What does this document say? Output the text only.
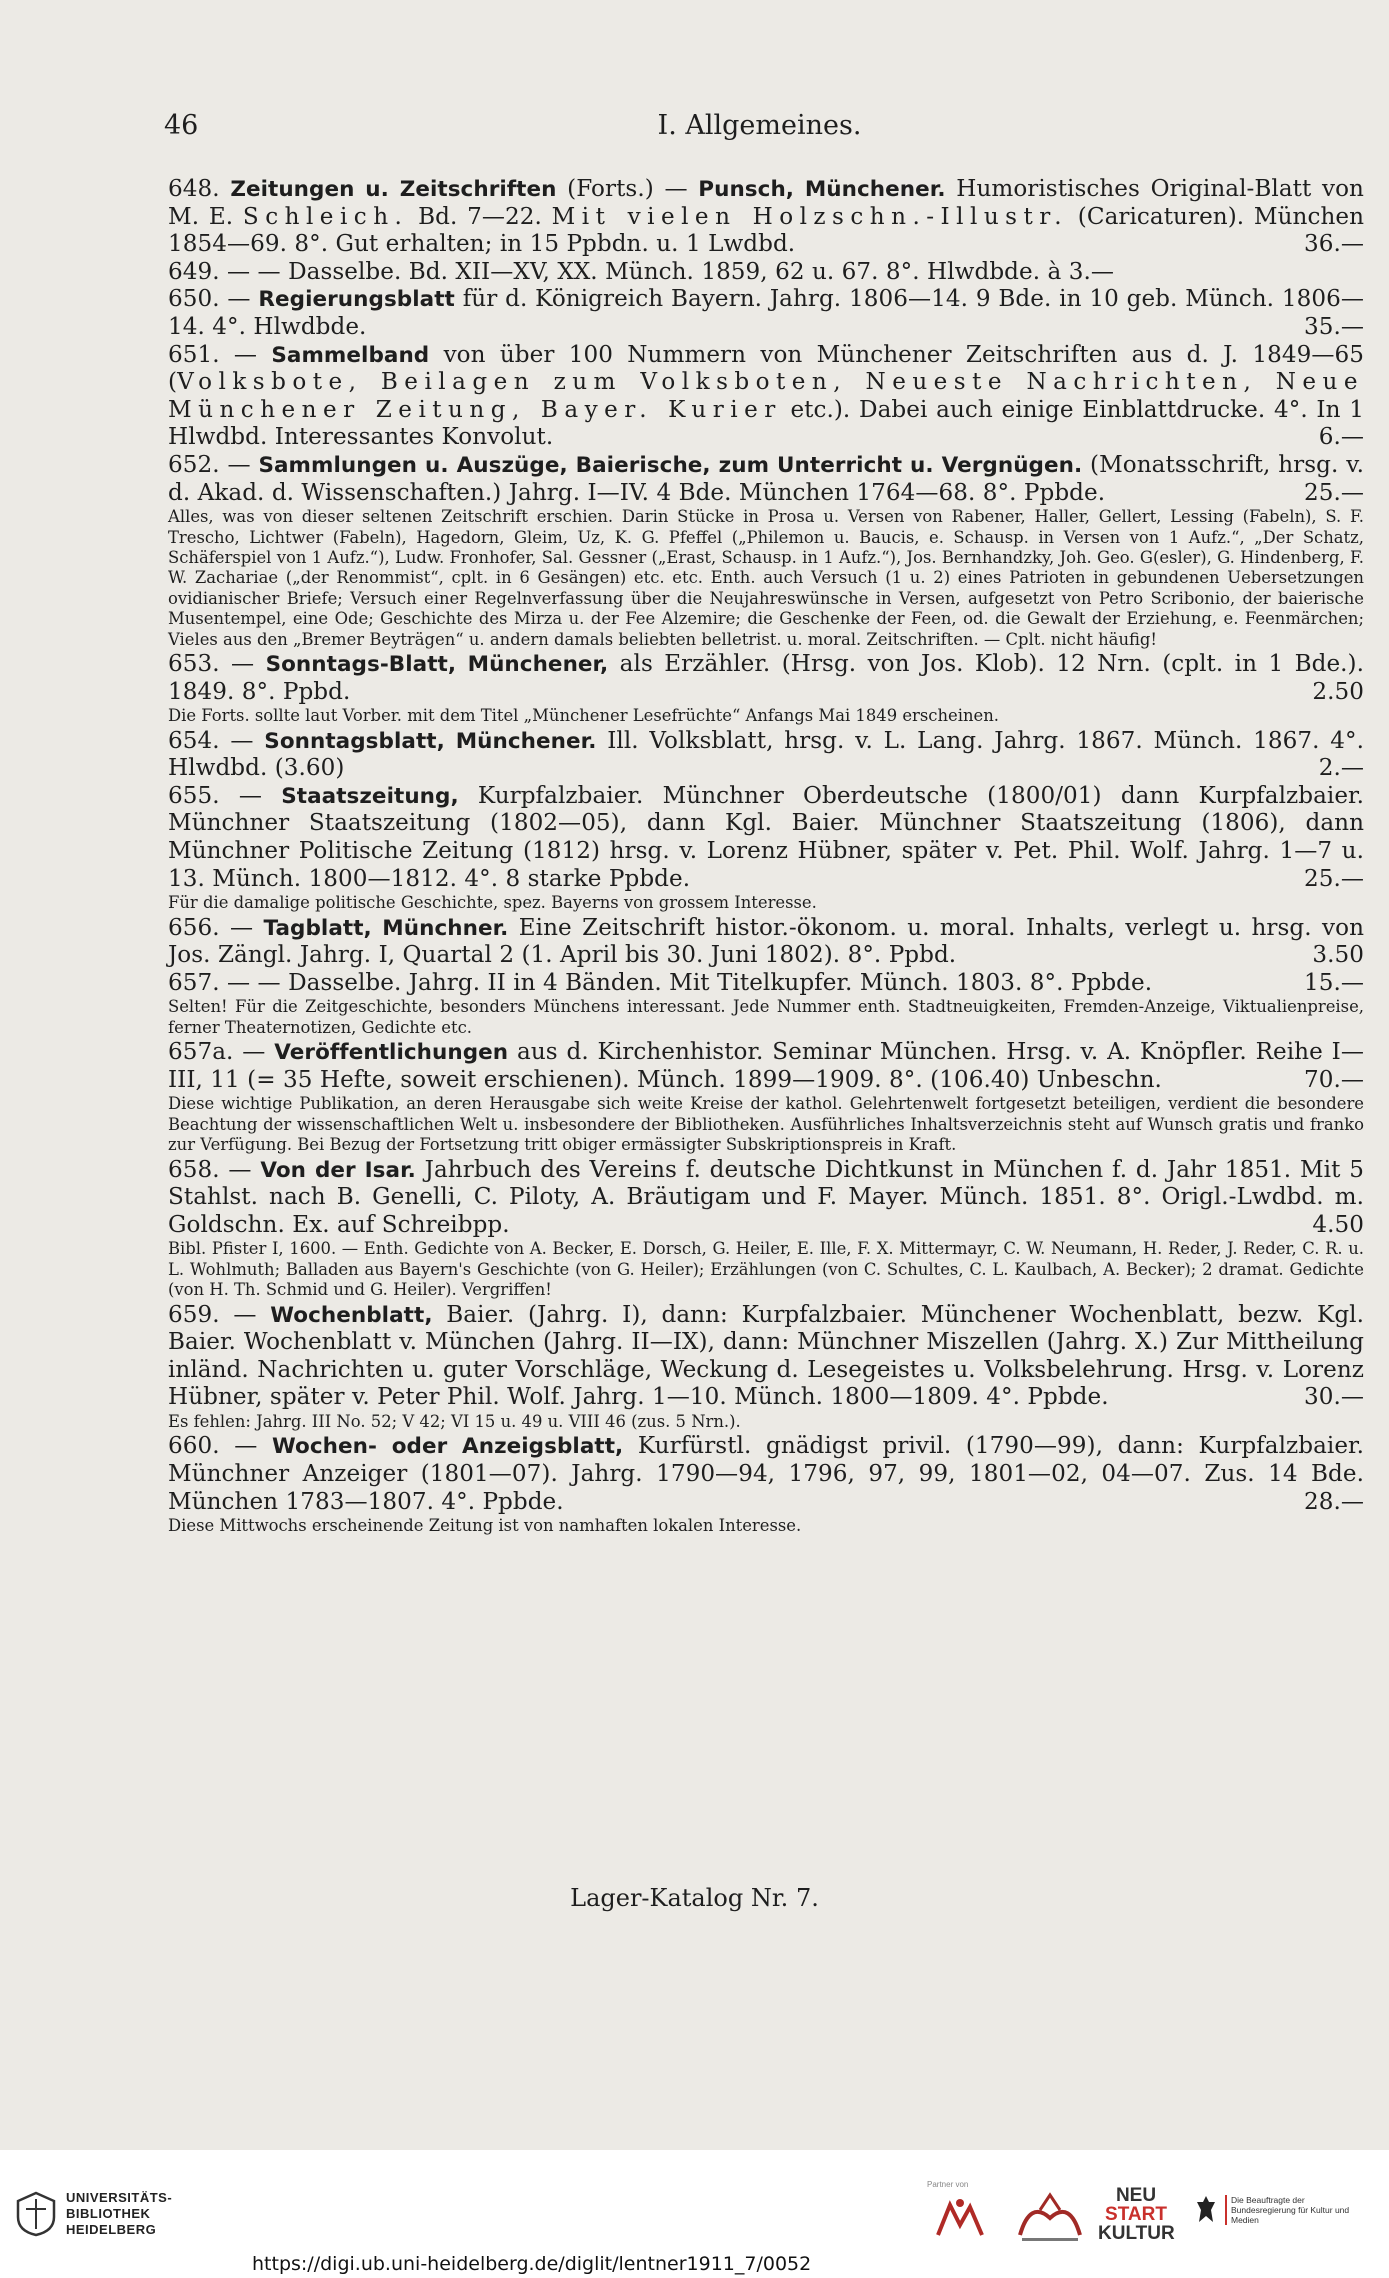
46	I. Allgemeines.
648. Zeitungen u. Zeitschriften (Forts.) — Punsch, Münchener. Humoristisches Original-Blatt von M. E. Schleich. Bd. 7—22. Mit vielen Holzschn.-Illustr. (Caricaturen). München 1854—69. 8°. Gut erhalten; in 15 Ppbdn. u. 1 Lwdbd.	36.—
649. — — Dasselbe. Bd. XII—XV, XX. Münch. 1859, 62 u. 67. 8°. Hlwdbde. à 3.—
650. — Regierungsblatt für d. Königreich Bayern. Jahrg. 1806—14. 9 Bde. in 10 geb. Münch. 1806—14. 4°. Hlwdbde.	35.—
651. — Sammelband von über 100 Nummern von Münchener Zeitschriften aus d. J. 1849—65 (Volksbote, Beilagen zum Volksboten, Neueste Nachrichten, Neue Münchener Zeitung, Bayer. Kurier etc.). Dabei auch einige Einblattdrucke. 4°. In 1 Hlwdbd. Interessantes Konvolut.	6.—
652. — Sammlungen u. Auszüge, Baierische, zum Unterricht u. Vergnügen. (Monatsschrift, hrsg. v. d. Akad. d. Wissenschaften.) Jahrg. I—IV. 4 Bde. München 1764—68. 8°. Ppbde.	25.—
Alles, was von dieser seltenen Zeitschrift erschien. Darin Stücke in Prosa u. Versen von Rabener, Haller, Gellert, Lessing (Fabeln), S. F. Trescho, Lichtwer (Fabeln), Hagedorn, Gleim, Uz, K. G. Pfeffel („Philemon u. Baucis, e. Schausp. in Versen von 1 Aufz.“, „Der Schatz, Schäferspiel von 1 Aufz.“), Ludw. Fronhofer, Sal. Gessner („Erast, Schausp. in 1 Aufz.“), Jos. Bernhandzky, Joh. Geo. G(esler), G. Hindenberg, F. W. Zachariae („der Renommist“, cplt. in 6 Gesängen) etc. etc. Enth. auch Versuch (1 u. 2) eines Patrioten in gebundenen Uebersetzungen ovidianischer Briefe; Versuch einer Regelnverfassung über die Neujahreswünsche in Versen, aufgesetzt von Petro Scribonio, der baierische Musentempel, eine Ode; Geschichte des Mirza u. der Fee Alzemire; die Geschenke der Feen, od. die Gewalt der Erziehung, e. Feenmärchen; Vieles aus den „Bremer Beyträgen“ u. andern damals beliebten belletrist. u. moral. Zeitschriften. — Cplt. nicht häufig!
653. — Sonntags-Blatt, Münchener, als Erzähler. (Hrsg. von Jos. Klob). 12 Nrn. (cplt. in 1 Bde.). 1849. 8°. Ppbd.	2.50
Die Forts. sollte laut Vorber. mit dem Titel „Münchener Lesefrüchte“ Anfangs Mai 1849 erscheinen.
654. — Sonntagsblatt, Münchener. Ill. Volksblatt, hrsg. v. L. Lang. Jahrg. 1867. Münch. 1867. 4°. Hlwdbd. (3.60)	2.—
655. — Staatszeitung, Kurpfalzbaier. Münchner Oberdeutsche (1800/01) dann Kurpfalzbaier. Münchner Staatszeitung (1802—05), dann Kgl. Baier. Münchner Staatszeitung (1806), dann Münchner Politische Zeitung (1812) hrsg. v. Lorenz Hübner, später v. Pet. Phil. Wolf. Jahrg. 1—7 u. 13. Münch. 1800—1812. 4°. 8 starke Ppbde.	25.—
Für die damalige politische Geschichte, spez. Bayerns von grossem Interesse.
656. — Tagblatt, Münchner. Eine Zeitschrift histor.-ökonom. u. moral. Inhalts, verlegt u. hrsg. von Jos. Zängl. Jahrg. I, Quartal 2 (1. April bis 30. Juni 1802). 8°. Ppbd.	3.50
657. — — Dasselbe. Jahrg. II in 4 Bänden. Mit Titelkupfer. Münch. 1803. 8°. Ppbde.	15.—
Selten! Für die Zeitgeschichte, besonders Münchens interessant. Jede Nummer enth. Stadtneuigkeiten, Fremden-Anzeige, Viktualienpreise, ferner Theaternotizen, Gedichte etc.
657a. — Veröffentlichungen aus d. Kirchenhistor. Seminar München. Hrsg. v. A. Knöpfler. Reihe I—III, 11 (= 35 Hefte, soweit erschienen). Münch. 1899—1909. 8°. (106.40) Unbeschn.	70.—
Diese wichtige Publikation, an deren Herausgabe sich weite Kreise der kathol. Gelehrtenwelt fortgesetzt beteiligen, verdient die besondere Beachtung der wissenschaftlichen Welt u. insbesondere der Bibliotheken. Ausführliches Inhaltsverzeichnis steht auf Wunsch gratis und franko zur Verfügung. Bei Bezug der Fortsetzung tritt obiger ermässigter Subskriptionspreis in Kraft.
658. — Von der Isar. Jahrbuch des Vereins f. deutsche Dichtkunst in München f. d. Jahr 1851. Mit 5 Stahlst. nach B. Genelli, C. Piloty, A. Bräutigam und F. Mayer. Münch. 1851. 8°. Origl.-Lwdbd. m. Goldschn. Ex. auf Schreibpp.	4.50
Bibl. Pfister I, 1600. — Enth. Gedichte von A. Becker, E. Dorsch, G. Heiler, E. Ille, F. X. Mittermayr, C. W. Neumann, H. Reder, J. Reder, C. R. u. L. Wohlmuth; Balladen aus Bayern's Geschichte (von G. Heiler); Erzählungen (von C. Schultes, C. L. Kaulbach, A. Becker); 2 dramat. Gedichte (von H. Th. Schmid und G. Heiler). Vergriffen!
659. — Wochenblatt, Baier. (Jahrg. I), dann: Kurpfalzbaier. Münchener Wochenblatt, bezw. Kgl. Baier. Wochenblatt v. München (Jahrg. II—IX), dann: Münchner Miszellen (Jahrg. X.) Zur Mittheilung inländ. Nachrichten u. guter Vorschläge, Weckung d. Lesegeistes u. Volksbelehrung. Hrsg. v. Lorenz Hübner, später v. Peter Phil. Wolf. Jahrg. 1—10. Münch. 1800—1809. 4°. Ppbde.	30.—
Es fehlen: Jahrg. III No. 52; V 42; VI 15 u. 49 u. VIII 46 (zus. 5 Nrn.).
660. — Wochen- oder Anzeigsblatt, Kurfürstl. gnädigst privil. (1790—99), dann: Kurpfalzbaier. Münchner Anzeiger (1801—07). Jahrg. 1790—94, 1796, 97, 99, 1801—02, 04—07. Zus. 14 Bde. München 1783—1807. 4°. Ppbde.	28.—
Diese Mittwochs erscheinende Zeitung ist von namhaften lokalen Interesse.
Lager-Katalog Nr. 7.
UNIVERSITÄTS-
BIBLIOTHEK
HEIDELBERG
Partner von
NEU
START
KULTUR
Die Beauftragte der Bundesregierung für Kultur und Medien
https://digi.ub.uni-heidelberg.de/diglit/lentner1911_7/0052
